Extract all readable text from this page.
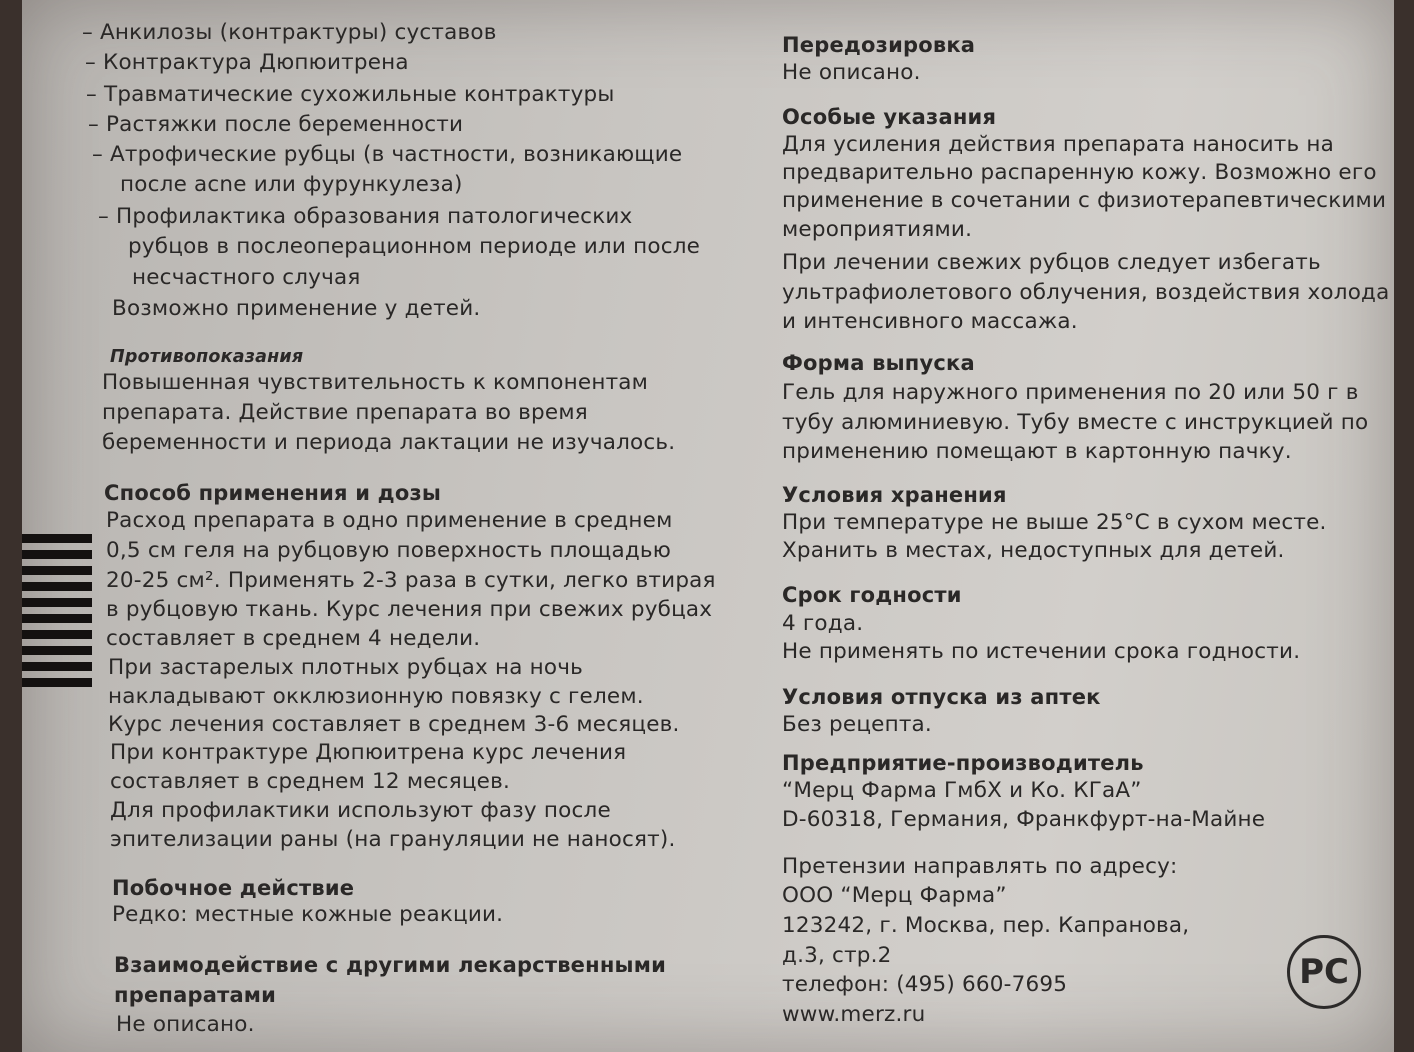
– Анкилозы (контрактуры) суставов
– Контрактура Дюпюитрена
– Травматические сухожильные контрактуры
– Растяжки после беременности
– Атрофические рубцы (в частности, возникающие
после acne или фурункулеза)
– Профилактика образования патологических
рубцов в послеоперационном периоде или после
несчастного случая
Возможно применение у детей.
Противопоказания
Повышенная чувствительность к компонентам
препарата. Действие препарата во время
беременности и периода лактации не изучалось.
Способ применения и дозы
Расход препарата в одно применение в среднем
0,5 см геля на рубцовую поверхность площадью
20-25 см². Применять 2-3 раза в сутки, легко втирая
в рубцовую ткань. Курс лечения при свежих рубцах
составляет в среднем 4 недели.
При застарелых плотных рубцах на ночь
накладывают окклюзионную повязку с гелем.
Курс лечения составляет в среднем 3-6 месяцев.
При контрактуре Дюпюитрена курс лечения
составляет в среднем 12 месяцев.
Для профилактики используют фазу после
эпителизации раны (на грануляции не наносят).
Побочное действие
Редко: местные кожные реакции.
Взаимодействие с другими лекарственными
препаратами
Не описано.
Передозировка
Не описано.
Особые указания
Для усиления действия препарата наносить на
предварительно распаренную кожу. Возможно его
применение в сочетании с физиотерапевтическими
мероприятиями.
При лечении свежих рубцов следует избегать
ультрафиолетового облучения, воздействия холода
и интенсивного массажа.
Форма выпуска
Гель для наружного применения по 20 или 50 г в
тубу алюминиевую. Тубу вместе с инструкцией по
применению помещают в картонную пачку.
Условия хранения
При температуре не выше 25°С в сухом месте.
Хранить в местах, недоступных для детей.
Срок годности
4 года.
Не применять по истечении срока годности.
Условия отпуска из аптек
Без рецепта.
Предприятие-производитель
“Мерц Фарма ГмбХ и Ко. КГаА”
D-60318, Германия, Франкфурт-на-Майне
Претензии направлять по адресу:
ООО “Мерц Фарма”
123242, г. Москва, пер. Капранова,
д.3, стр.2
телефон: (495) 660-7695
www.merz.ru
РС
